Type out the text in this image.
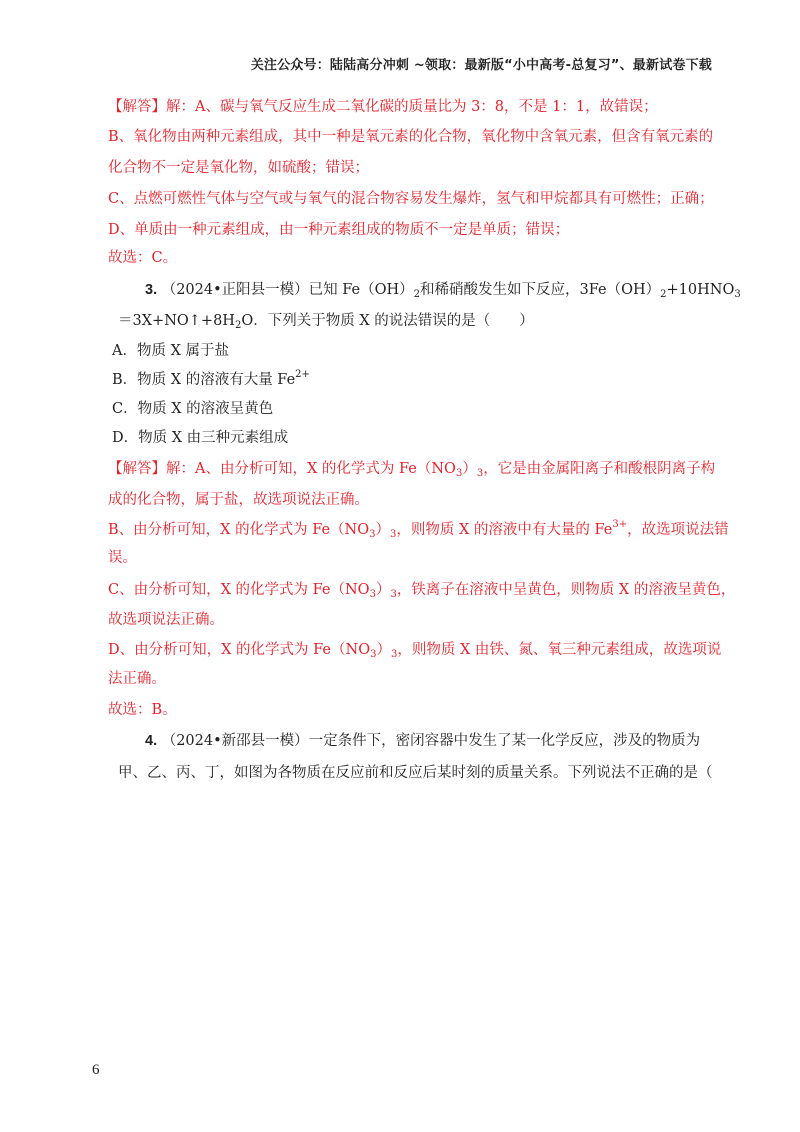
关注公众号：陆陆高分冲刺 ~领取：最新版“小中高考-总复习”、最新试卷下载
【解答】解：A、碳与氧气反应生成二氧化碳的质量比为 3：8，不是 1：1，故错误；
B、氧化物由两种元素组成，其中一种是氧元素的化合物，氧化物中含氧元素，但含有氧元素的
化合物不一定是氧化物，如硫酸；错误；
C、点燃可燃性气体与空气或与氧气的混合物容易发生爆炸，氢气和甲烷都具有可燃性；正确；
D、单质由一种元素组成，由一种元素组成的物质不一定是单质；错误；
故选：C。
3. （2024•正阳县一模）已知 $Fe(OH)_2$和稀硝酸发生如下反应，$3Fe(OH)_2+10HNO_3$
$=3X+NO↑+8H_2O$．下列关于物质 X 的说法错误的是（　　）
A．物质 X 属于盐
B．物质 X 的溶液有大量 $Fe^{2+}$
C．物质 X 的溶液呈黄色
D．物质 X 由三种元素组成
【解答】解：A、由分析可知，X 的化学式为 $Fe(NO_3)_3$，它是由金属阳离子和酸根阴离子构
成的化合物，属于盐，故选项说法正确。
B、由分析可知，X 的化学式为 $Fe(NO_3)_3$，则物质 X 的溶液中有大量的 $Fe^{3+}$，故选项说法错
误。
C、由分析可知，X 的化学式为 $Fe(NO_3)_3$，铁离子在溶液中呈黄色，则物质 X 的溶液呈黄色，
故选项说法正确。
D、由分析可知，X 的化学式为 $Fe(NO_3)_3$，则物质 X 由铁、氮、氧三种元素组成，故选项说
法正确。
故选：B。
4. （2024•新邵县一模）一定条件下，密闭容器中发生了某一化学反应，涉及的物质为
甲、乙、丙、丁，如图为各物质在反应前和反应后某时刻的质量关系。下列说法不正确的是（
6
